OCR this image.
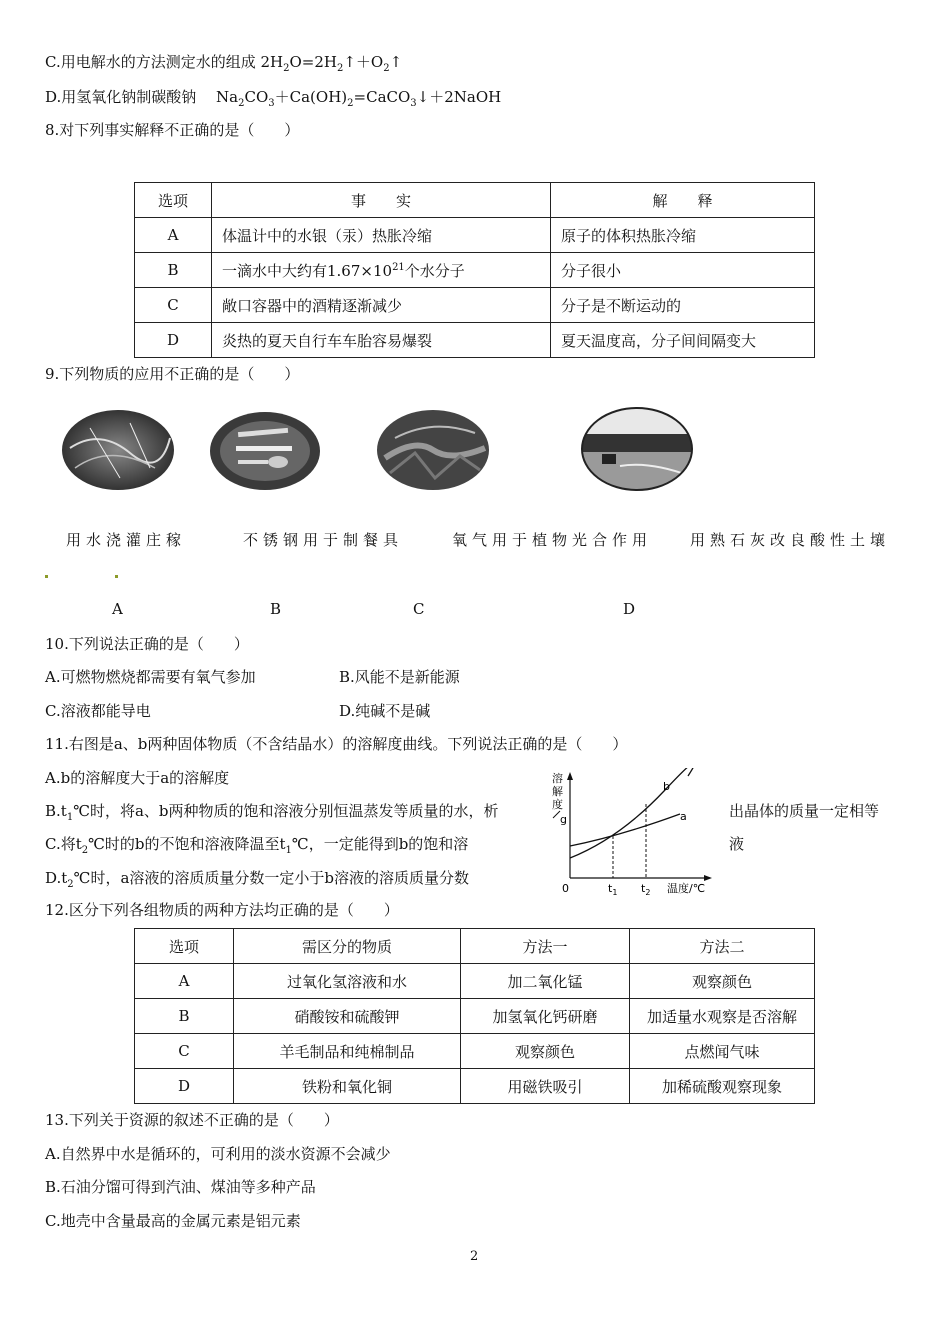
C.用电解水的方法测定水的组成 $2H_2O=2H_2↑+O_2↑$
D.用氢氧化钠制碳酸钠　 $Na_2CO_3+Ca(OH)_2=CaCO_3↓+2NaOH$
8.对下列事实解释不正确的是（　　）
选项	事　　实	解　　释
A	体温计中的水银（汞）热胀冷缩	原子的体积热胀冷缩
B	一滴水中大约有$1.67\times 10^{21}$个水分子	分子很小
C	敞口容器中的酒精逐渐减少	分子是不断运动的
D	炎热的夏天自行车车胎容易爆裂	夏天温度高，分子间间隔变大
9.下列物质的应用不正确的是（　　）
用水浇灌庄稼	不锈钢用于制餐具	氧气用于植物光合作用	用熟石灰改良酸性土壤
A	B	C	D
10.下列说法正确的是（　　）
A.可燃物燃烧都需要有氧气参加	B.风能不是新能源
C.溶液都能导电	D.纯碱不是碱
11.右图是a、b两种固体物质（不含结晶水）的溶解度曲线。下列说法正确的是（　　）
A.b的溶解度大于a的溶解度
$B.t_1℃$时，将a、b两种物质的饱和溶液分别恒温蒸发等质量的水，析	出晶体的质量一定相等
C.将$t_2℃$时的b的不饱和溶液降温至$t_1℃$，一定能得到b的饱和溶	液
$D.t_2℃$时，a溶液的溶质质量分数一定小于b溶液的溶质质量分数
溶
解
度
g
0	温度/℃
b
a
$t_1$ $t_2$
12.区分下列各组物质的两种方法均正确的是（　　）
选项	需区分的物质	方法一	方法二
A	过氧化氢溶液和水	加二氧化锰	观察颜色
B	硝酸铵和硫酸钾	加氢氧化钙研磨	加适量水观察是否溶解
C	羊毛制品和纯棉制品	观察颜色	点燃闻气味
D	铁粉和氧化铜	用磁铁吸引	加稀硫酸观察现象
13.下列关于资源的叙述不正确的是（　　）
A.自然界中水是循环的，可利用的淡水资源不会减少
B.石油分馏可得到汽油、煤油等多种产品
C.地壳中含量最高的金属元素是铝元素
2
